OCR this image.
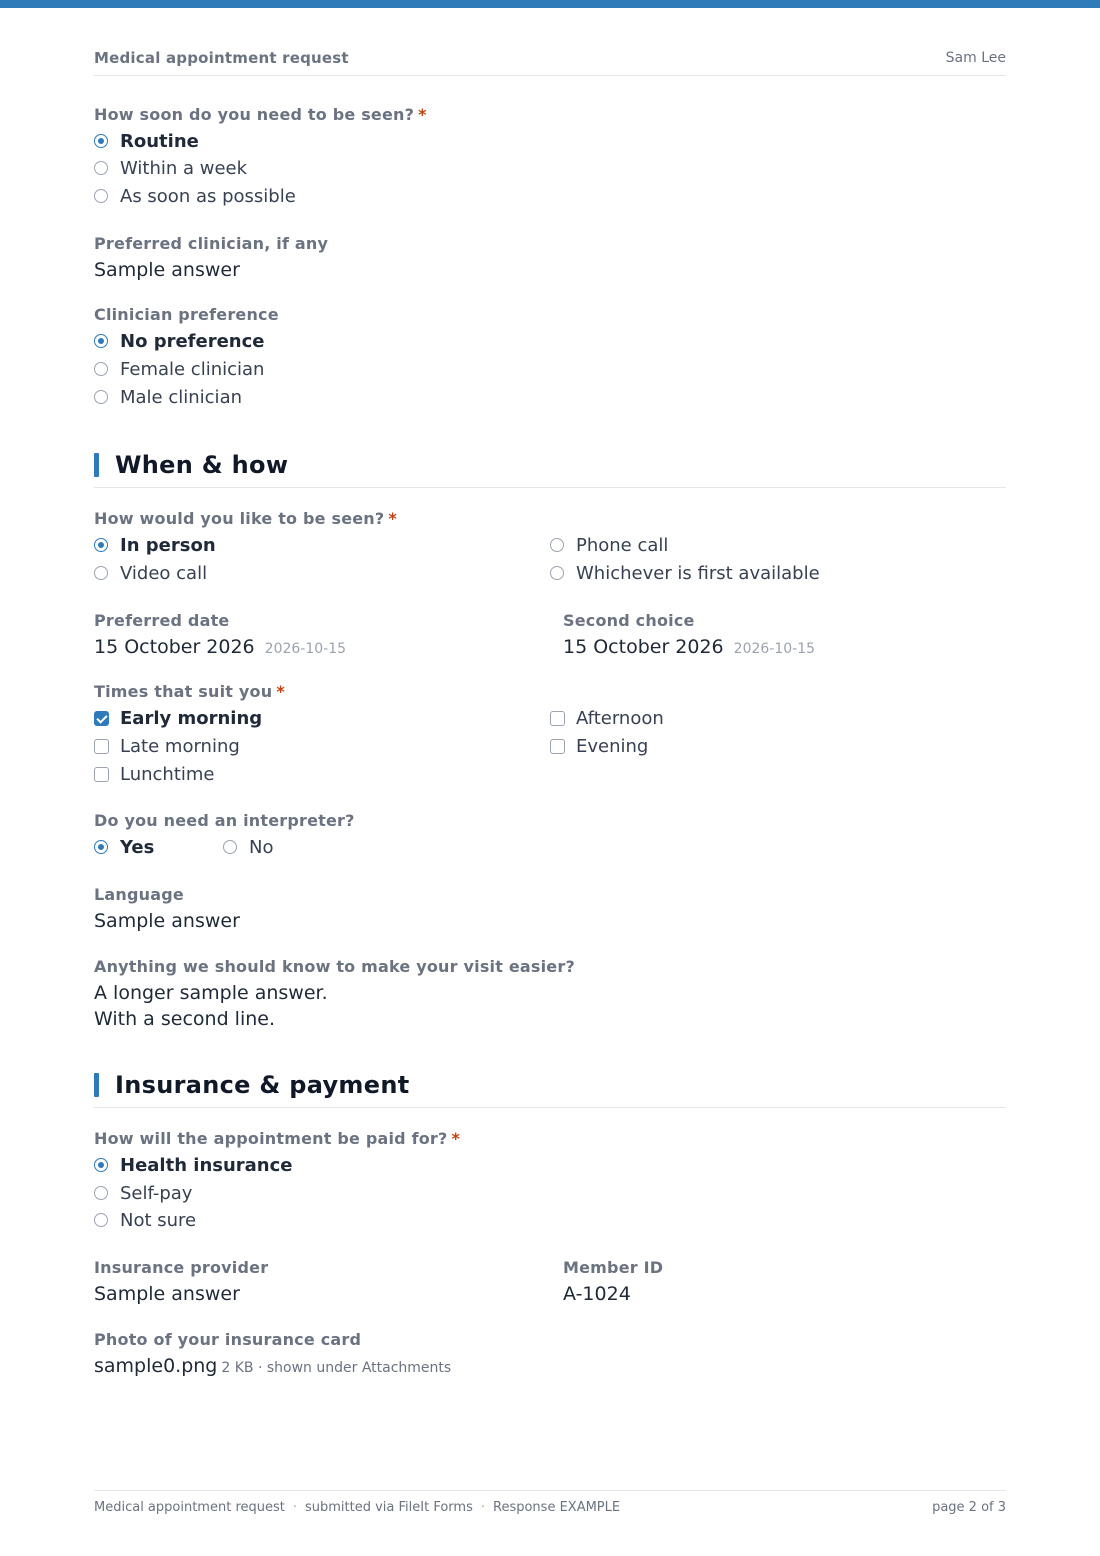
Medical appointment request	Sam Lee
How soon do you need to be seen? *
Routine
Within a week
As soon as possible
Preferred clinician, if any
Sample answer
Clinician preference
No preference
Female clinician
Male clinician
When & how
How would you like to be seen? *
In person
Video call
Phone call
Whichever is first available
Preferred date
15 October 2026 2026-10-15
Second choice
15 October 2026 2026-10-15
Times that suit you *
Early morning
Late morning
Lunchtime
Afternoon
Evening
Do you need an interpreter?
Yes	No
Language
Sample answer
Anything we should know to make your visit easier?
A longer sample answer.
With a second line.
Insurance & payment
How will the appointment be paid for? *
Health insurance
Self-pay
Not sure
Insurance provider
Sample answer
Member ID
A-1024
Photo of your insurance card
sample0.png 2 KB · shown under Attachments
Medical appointment request · submitted via FileIt Forms · Response EXAMPLE	page 2 of 3
